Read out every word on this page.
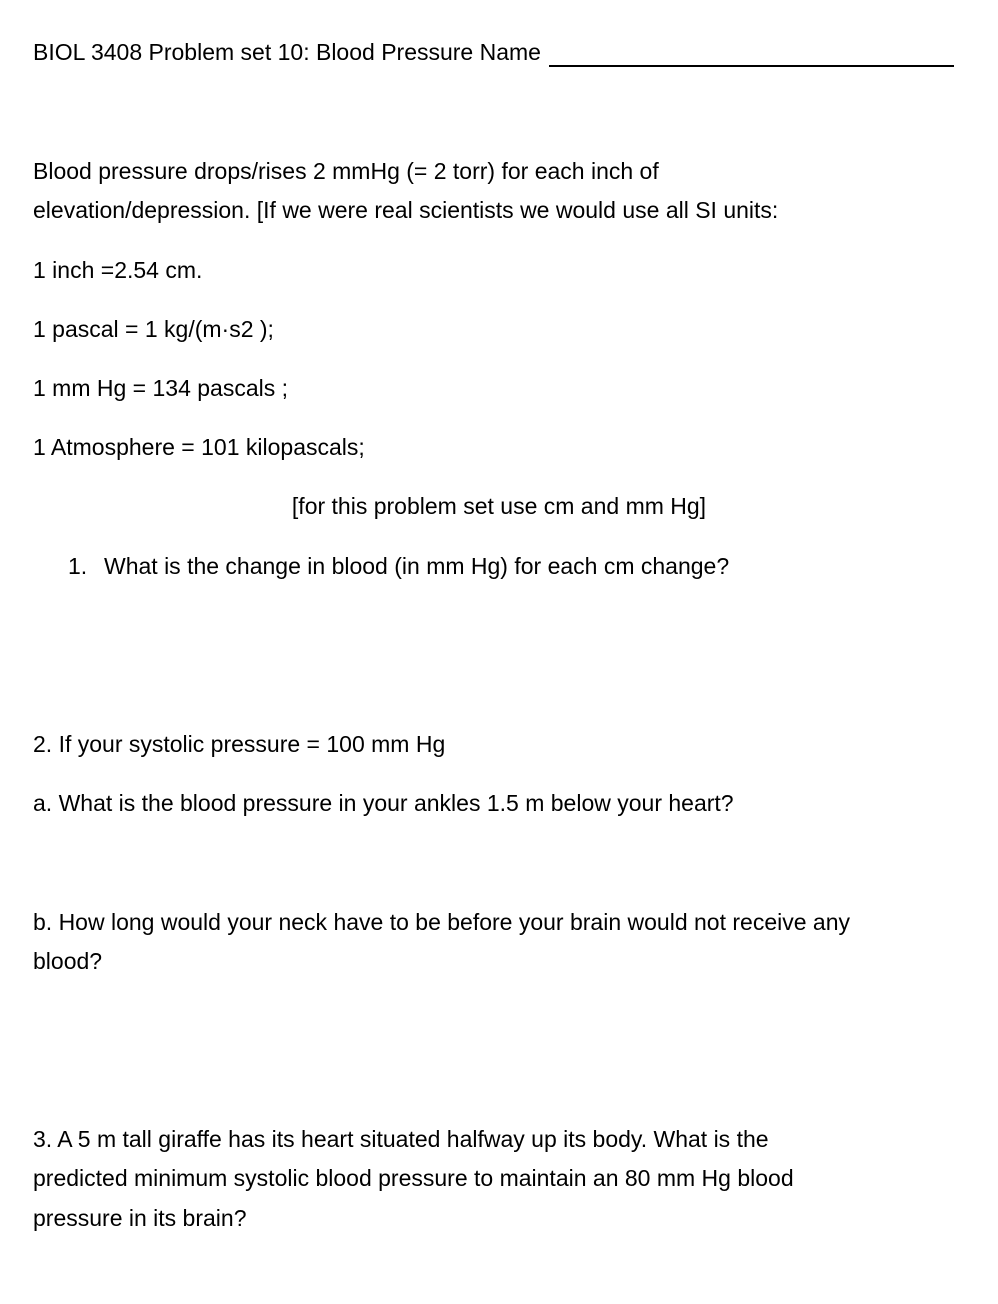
BIOL 3408 Problem set 10: Blood Pressure Name
Blood pressure drops/rises 2 mmHg (= 2 torr) for each inch of
elevation/depression. [If we were real scientists we would use all SI units:
1 inch =2.54 cm.
1 pascal = 1 kg/(m·s2 );
1 mm Hg = 134 pascals ;
1 Atmosphere = 101 kilopascals;
[for this problem set use cm and mm Hg]
1. What is the change in blood (in mm Hg) for each cm change?
2. If your systolic pressure = 100 mm Hg
a. What is the blood pressure in your ankles 1.5 m below your heart?
b. How long would your neck have to be before your brain would not receive any
blood?
3. A 5 m tall giraffe has its heart situated halfway up its body. What is the
predicted minimum systolic blood pressure to maintain an 80 mm Hg blood
pressure in its brain?
